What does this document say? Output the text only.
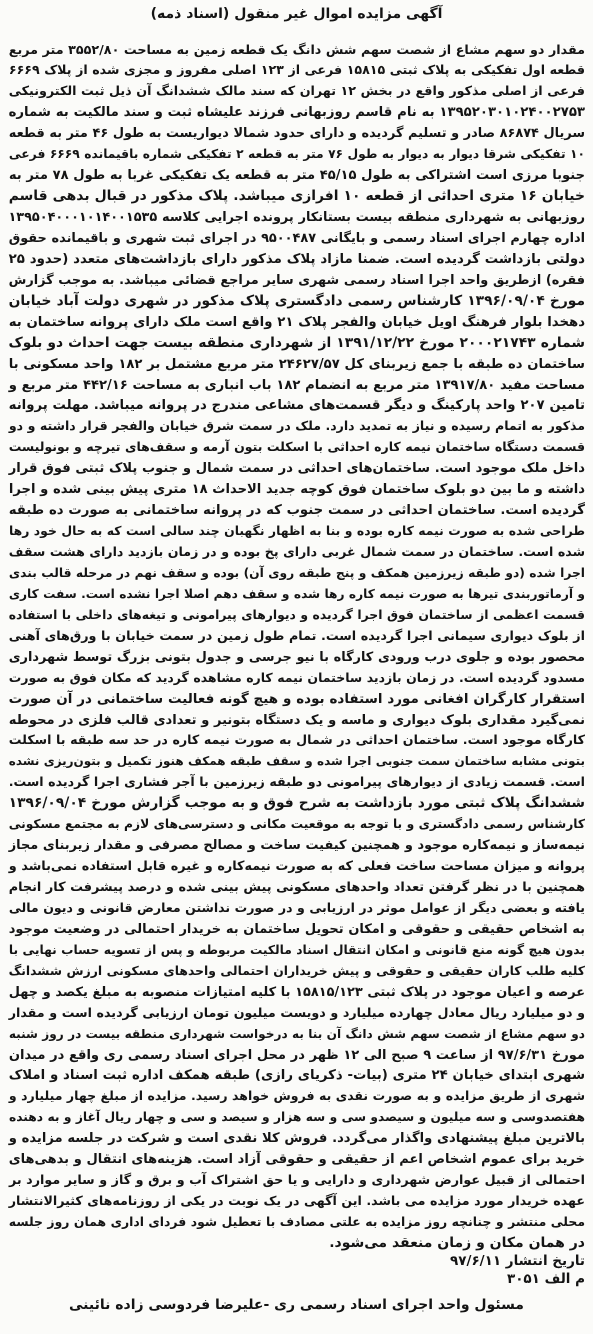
آگهی مزایده اموال غیر منقول (اسناد ذمه)
مقدار دو سهم مشاع از شصت سهم شش دانگ یک قطعه زمین به مساحت ۳۵۵۲/۸۰ متر مربع
قطعه اول تفکیکی به پلاک ثبتی ۱۵۸۱۵ فرعی از ۱۲۳ اصلی مفروز و مجزی شده از پلاک ۶۶۶۹
فرعی از اصلی مذکور واقع در بخش ۱۲ تهران که سند مالک ششدانگ آن ذیل ثبت الکترونیکی
۱۳۹۵۲۰۳۰۱۰۲۴۰۰۲۷۵۳ به نام قاسم روزبهانی فرزند علیشاه ثبت و سند مالکیت به شماره
سریال ۸۶۸۷۴ صادر و تسلیم گردیده و دارای حدود شمالا دیواریست به طول ۴۶ متر به قطعه
۱۰ تفکیکی شرقا دیوار به دیوار به طول ۷۶ متر به قطعه ۲ تفکیکی شماره باقیمانده ۶۶۶۹ فرعی
جنوبا مرزی است اشتراکی به طول ۴۵/۱۵ متر به قطعه یک تفکیکی غربا به طول ۷۸ متر به
خیابان ۱۶ متری احداثی از قطعه ۱۰ افرازی میباشد. پلاک مذکور در قبال بدهی قاسم
روزبهانی به شهرداری منطقه بیست بستانکار پرونده اجرایی کلاسه ۱۳۹۵۰۴۰۰۰۱۰۱۴۰۰۱۵۳۵
اداره چهارم اجرای اسناد رسمی و بایگانی ۹۵۰۰۴۸۷ در اجرای ثبت شهری و باقیمانده حقوق
دولتی بازداشت گردیده است. ضمنا مازاد پلاک مذکور دارای بازداشت‌های متعدد (حدود ۲۵
فقره) ازطریق واحد اجرا اسناد رسمی شهری سایر مراجع قضائی میباشد. به موجب گزارش
مورخ ۱۳۹۶/۰۹/۰۴ کارشناس رسمی دادگستری پلاک مذکور در شهری دولت آباد خیابان
دهخدا بلوار فرهنگ اویل خیابان والفجر پلاک ۲۱ واقع است ملک دارای پروانه ساختمان به
شماره ۲۰۰۰۲۱۷۴۳ مورخ ۱۳۹۱/۱۲/۲۲ از شهرداری منطقه بیست جهت احداث دو بلوک
ساختمان ده طبقه با جمع زیربنای کل ۲۴۶۲۷/۵۷ متر مربع مشتمل بر ۱۸۲ واحد مسکونی با
مساحت مفید ۱۳۹۱۷/۸۰ متر مربع به انضمام ۱۸۲ باب انباری به مساحت ۴۴۲/۱۶ متر مربع و
تامین ۲۰۷ واحد پارکینگ و دیگر قسمت‌های مشاعی مندرج در پروانه میباشد. مهلت پروانه
مذکور به اتمام رسیده و نیاز به تمدید دارد. ملک در سمت شرق خیابان والفجر قرار داشته و دو
قسمت دستگاه ساختمان نیمه کاره احداثی با اسکلت بتون آرمه و سقف‌های تیرچه و بونولیست
داخل ملک موجود است. ساختمان‌های احداثی در سمت شمال و جنوب پلاک ثبتی فوق قرار
داشته و ما بین دو بلوک ساختمان فوق کوچه جدید الاحداث ۱۸ متری پیش بینی شده و اجرا
گردیده است. ساختمان احداثی در سمت جنوب که در پروانه ساختمانی به صورت ده طبقه
طراحی شده به صورت نیمه کاره بوده و بنا به اظهار نگهبان چند سالی است که به حال خود رها
شده است. ساختمان در سمت شمال غربی دارای پخ بوده و در زمان بازدید دارای هشت سقف
اجرا شده (دو طبقه زیرزمین همکف و پنج طبقه روی آن) بوده و سقف نهم در مرحله قالب بندی
و آرماتوربندی تیرها به صورت نیمه کاره رها شده و سقف دهم اصلا اجرا نشده است. سفت کاری
قسمت اعظمی از ساختمان فوق اجرا گردیده و دیوارهای پیرامونی و تیغه‌های داخلی با استفاده
از بلوک دیواری سیمانی اجرا گردیده است. تمام طول زمین در سمت خیابان با ورق‌های آهنی
محصور بوده و جلوی درب ورودی کارگاه با نیو جرسی و جدول بتونی بزرگ توسط شهرداری
مسدود گردیده است. در زمان بازدید ساختمان نیمه کاره مشاهده گردید که مکان فوق به صورت
استقرار کارگران افغانی مورد استفاده بوده و هیچ گونه فعالیت ساختمانی در آن صورت
نمی‌گیرد مقداری بلوک دیواری و ماسه و یک دستگاه بتونیر و تعدادی قالب فلزی در محوطه
کارگاه موجود است. ساختمان احداثی در شمال به صورت نیمه کاره در حد سه طبقه با اسکلت
بتونی مشابه ساختمان سمت جنوبی اجرا شده و سقف طبقه همکف هنوز تکمیل و بتون‌ریزی نشده
است. قسمت زیادی از دیوارهای پیرامونی دو طبقه زیرزمین با آجر فشاری اجرا گردیده است.
ششدانگ پلاک ثبتی مورد بازداشت به شرح فوق و به موجب گزارش مورخ ۱۳۹۶/۰۹/۰۴
کارشناس رسمی دادگستری و با توجه به موقعیت مکانی و دسترسی‌های لازم به مجتمع مسکونی
نیمه‌ساز و نیمه‌کاره موجود و همچنین کیفیت ساخت و مصالح مصرفی و مقدار زیربنای مجاز
پروانه و میزان مساحت ساخت فعلی که به صورت نیمه‌کاره و غیره قابل استفاده نمی‌باشد و
همچنین با در نظر گرفتن تعداد واحدهای مسکونی پیش بینی شده و درصد پیشرفت کار انجام
یافته و بعضی دیگر از عوامل موثر در ارزیابی و در صورت نداشتن معارض قانونی و دیون مالی
به اشخاص حقیقی و حقوقی و امکان تحویل ساختمان به خریدار احتمالی در وضعیت موجود
بدون هیچ گونه منع قانونی و امکان انتقال اسناد مالکیت مربوطه و پس از تسویه حساب نهایی با
کلیه طلب کاران حقیقی و حقوقی و پیش خریداران احتمالی واحدهای مسکونی ارزش ششدانگ
عرصه و اعیان موجود در پلاک ثبتی ۱۵۸۱۵/۱۲۳ با کلیه امتیازات منصوبه به مبلغ یکصد و چهل
و دو میلیارد ریال معادل چهارده میلیارد و دویست میلیون تومان ارزیابی گردیده است و مقدار
دو سهم مشاع از شصت سهم شش دانگ آن بنا به درخواست شهرداری منطقه بیست در روز شنبه
مورخ ۹۷/۶/۳۱ از ساعت ۹ صبح الی ۱۲ ظهر در محل اجرای اسناد رسمی ری واقع در میدان
شهری ابتدای خیابان ۲۴ متری (بیات- ذکریای رازی) طبقه همکف اداره ثبت اسناد و املاک
شهری از طریق مزایده و به صورت نقدی به فروش خواهد رسید. مزایده از مبلغ چهار میلیارد و
هفتصدوسی و سه میلیون و سیصدو سی و سه هزار و سیصد و سی و چهار ریال آغاز و به دهنده
بالاترین مبلغ پیشنهادی واگذار می‌گردد. فروش کلا نقدی است و شرکت در جلسه مزایده و
خرید برای عموم اشخاص اعم از حقیقی و حقوقی آزاد است. هزینه‌های انتقال و بدهی‌های
احتمالی از قبیل عوارض شهرداری و دارایی و یا حق اشتراک آب و برق و گاز و سایر موارد بر
عهده خریدار مورد مزایده می باشد. این آگهی در یک نوبت در یکی از روزنامه‌های کثیرالانتشار
محلی منتشر و چنانچه روز مزایده به علتی مصادف با تعطیل شود فردای اداری همان روز جلسه
در همان مکان و زمان منعقد می‌شود.
تاریخ انتشار ۹۷/۶/۱۱
م الف ۳۰۵۱
مسئول واحد اجرای اسناد رسمی ری -علیرضا فردوسی زاده نائینی
